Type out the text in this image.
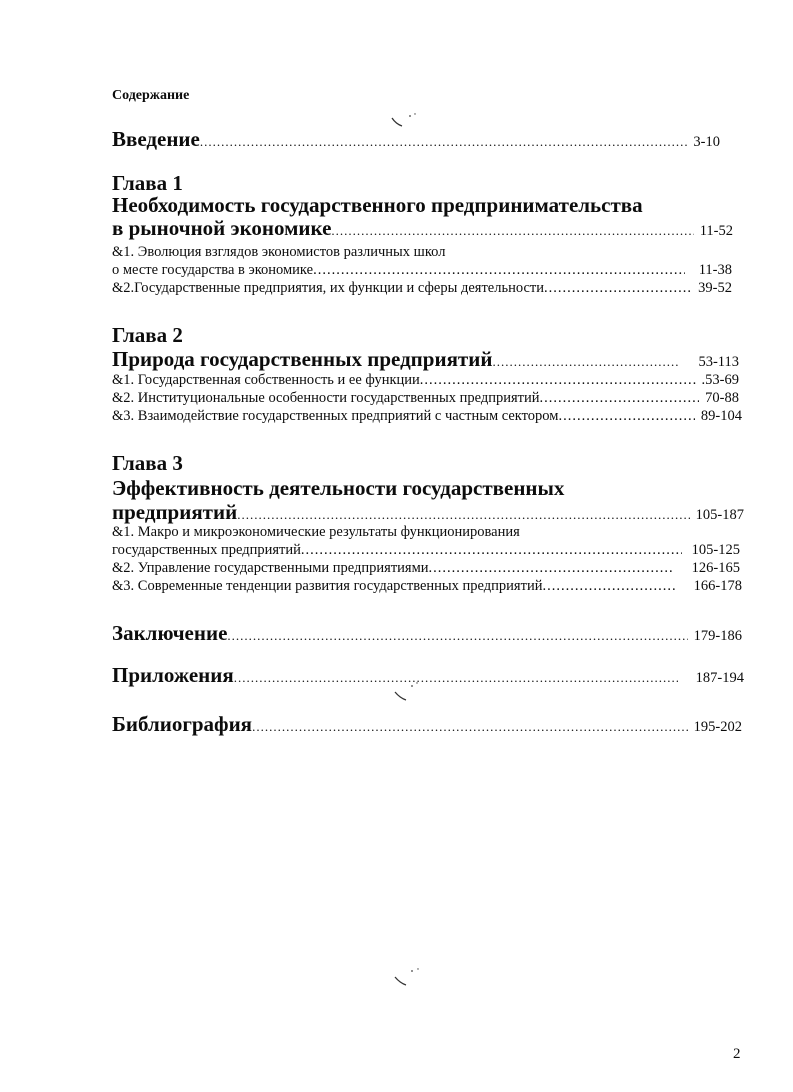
Содержание
Введение .....	3-10
Глава 1
Необходимость государственного предпринимательства
в рыночной экономике .....	11-52
&1. Эволюция взглядов экономистов различных школ
о месте государства в экономике .....	11-38
&2.Государственные предприятия, их функции и сферы деятельности .....	39-52
Глава 2
Природа государственных предприятий .....	53-113
&1. Государственная собственность и ее функции .....	.53-69
&2. Институциональные особенности государственных предприятий .....	70-88
&3. Взаимодействие государственных предприятий с частным сектором .....	89-104
Глава 3
Эффективность деятельности государственных
предприятий .....	105-187
&1. Макро и микроэкономические результаты функционирования
государственных предприятий .....	105-125
&2. Управление государственными предприятиями .....	126-165
&3. Современные тенденции развития государственных предприятий .....	166-178
Заключение .....	179-186
Приложения .....	187-194
Библиография .....	195-202
2
